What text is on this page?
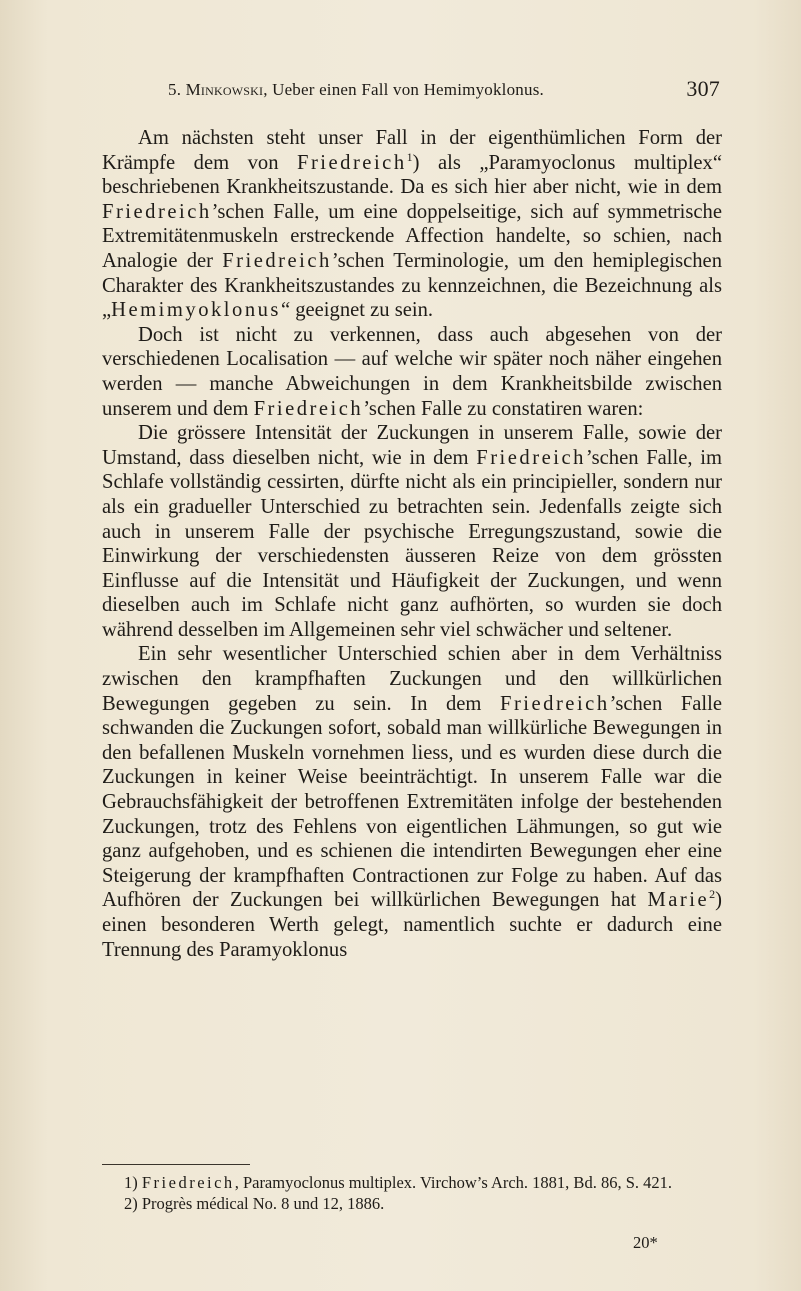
5. Minkowski, Ueber einen Fall von Hemimyoklonus.	307

Am nächsten steht unser Fall in der eigenthümlichen Form der Krämpfe dem von Friedreich$^1$) als „Paramyoclonus multiplex“ beschriebenen Krankheitszustande. Da es sich hier aber nicht, wie in dem Friedreich’schen Falle, um eine doppelseitige, sich auf symmetrische Extremitätenmuskeln erstreckende Affection handelte, so schien, nach Analogie der Friedreich’schen Terminologie, um den hemiplegischen Charakter des Krankheitszustandes zu kennzeichnen, die Bezeichnung als „Hemimyoklonus“ geeignet zu sein.

Doch ist nicht zu verkennen, dass auch abgesehen von der verschiedenen Localisation — auf welche wir später noch näher eingehen werden — manche Abweichungen in dem Krankheitsbilde zwischen unserem und dem Friedreich’schen Falle zu constatiren waren:

Die grössere Intensität der Zuckungen in unserem Falle, sowie der Umstand, dass dieselben nicht, wie in dem Friedreich’schen Falle, im Schlafe vollständig cessirten, dürfte nicht als ein principieller, sondern nur als ein gradueller Unterschied zu betrachten sein. Jedenfalls zeigte sich auch in unserem Falle der psychische Erregungszustand, sowie die Einwirkung der verschiedensten äusseren Reize von dem grössten Einflusse auf die Intensität und Häufigkeit der Zuckungen, und wenn dieselben auch im Schlafe nicht ganz aufhörten, so wurden sie doch während desselben im Allgemeinen sehr viel schwächer und seltener.

Ein sehr wesentlicher Unterschied schien aber in dem Verhältniss zwischen den krampfhaften Zuckungen und den willkürlichen Bewegungen gegeben zu sein. In dem Friedreich’schen Falle schwanden die Zuckungen sofort, sobald man willkürliche Bewegungen in den befallenen Muskeln vornehmen liess, und es wurden diese durch die Zuckungen in keiner Weise beeinträchtigt. In unserem Falle war die Gebrauchsfähigkeit der betroffenen Extremitäten infolge der bestehenden Zuckungen, trotz des Fehlens von eigentlichen Lähmungen, so gut wie ganz aufgehoben, und es schienen die intendirten Bewegungen eher eine Steigerung der krampfhaften Contractionen zur Folge zu haben. Auf das Aufhören der Zuckungen bei willkürlichen Bewegungen hat Marie$^2$) einen besonderen Werth gelegt, namentlich suchte er dadurch eine Trennung des Paramyoklonus

1) Friedreich, Paramyoclonus multiplex. Virchow’s Arch. 1881, Bd. 86, S. 421.

2) Progrès médical No. 8 und 12, 1886.

20*
